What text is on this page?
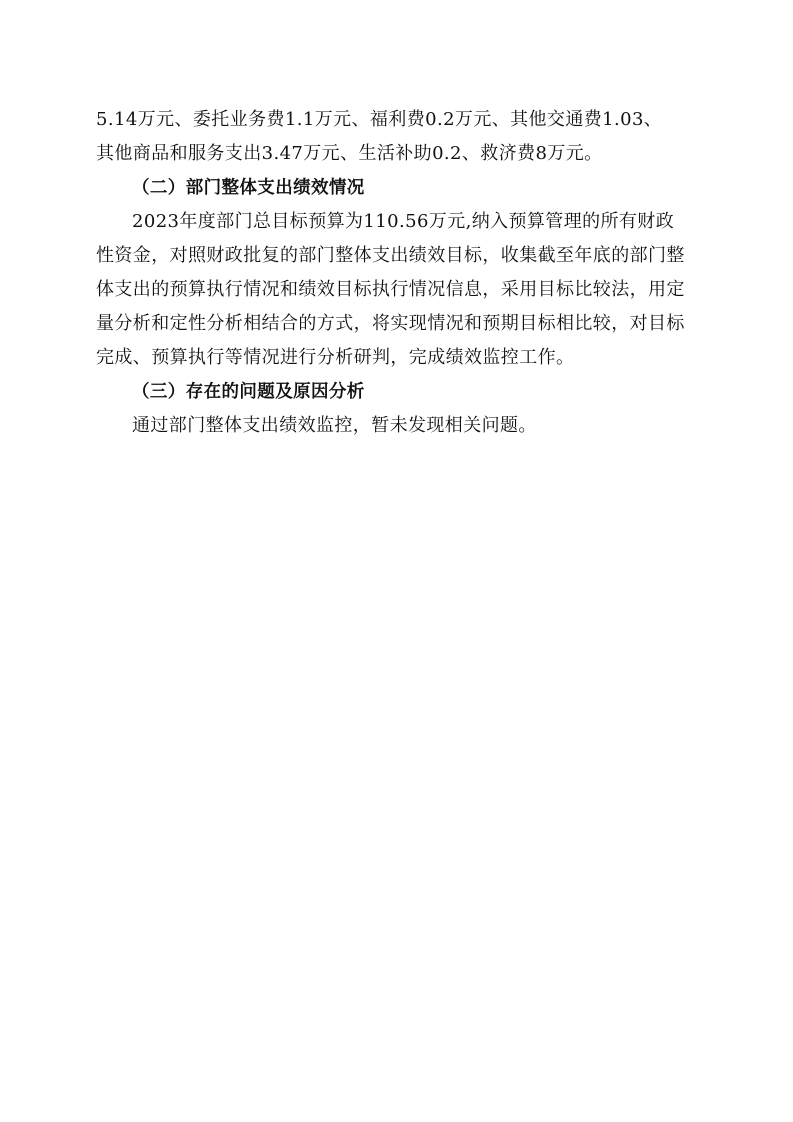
5.14万元、委托业务费1.1万元、福利费0.2万元、其他交通费1.03、
其他商品和服务支出3.47万元、生活补助0.2、救济费8万元。
（二）部门整体支出绩效情况
2023年度部门总目标预算为110.56万元,纳入预算管理的所有财政
性资金，对照财政批复的部门整体支出绩效目标，收集截至年底的部门整
体支出的预算执行情况和绩效目标执行情况信息，采用目标比较法，用定
量分析和定性分析相结合的方式，将实现情况和预期目标相比较，对目标
完成、预算执行等情况进行分析研判，完成绩效监控工作。
（三）存在的问题及原因分析
通过部门整体支出绩效监控，暂未发现相关问题。
